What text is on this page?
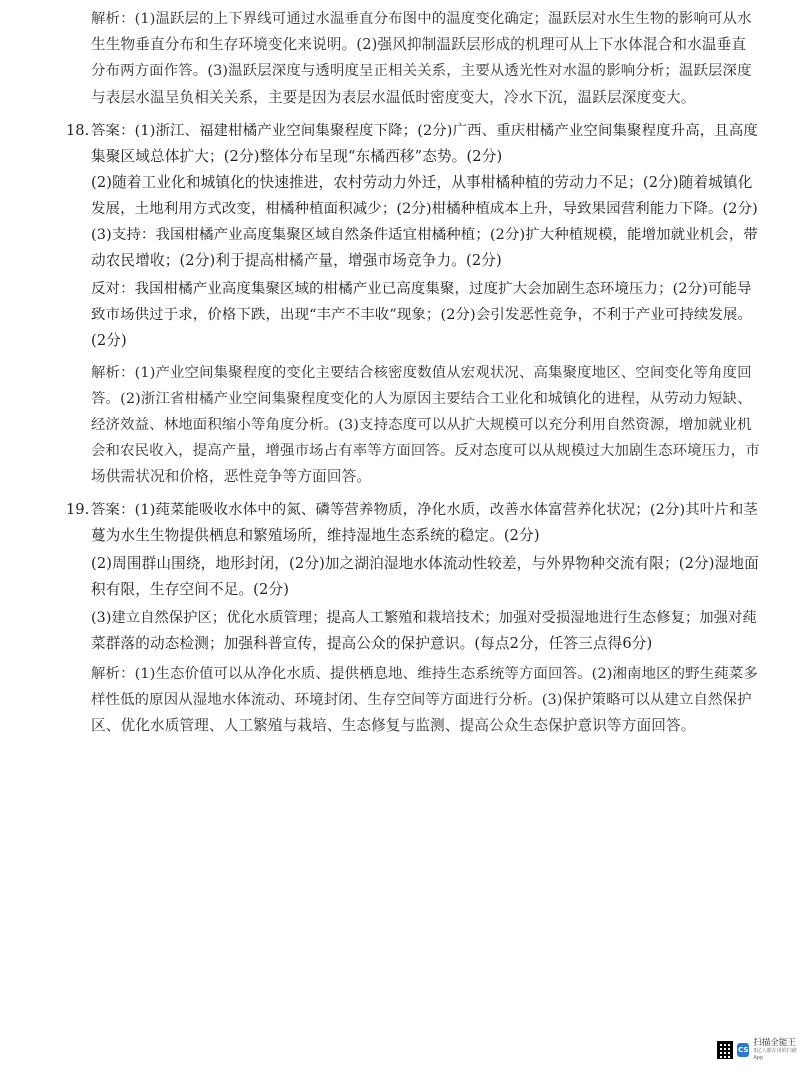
解析：(1)温跃层的上下界线可通过水温垂直分布图中的温度变化确定；温跃层对水生生物的影响可从水
生生物垂直分布和生存环境变化来说明。(2)强风抑制温跃层形成的机理可从上下水体混合和水温垂直
分布两方面作答。(3)温跃层深度与透明度呈正相关关系，主要从透光性对水温的影响分析；温跃层深度
与表层水温呈负相关关系，主要是因为表层水温低时密度变大，冷水下沉，温跃层深度变大。
18. 答案：(1)浙江、福建柑橘产业空间集聚程度下降；(2分)广西、重庆柑橘产业空间集聚程度升高，且高度
集聚区域总体扩大；(2分)整体分布呈现“东橘西移”态势。(2分)
(2)随着工业化和城镇化的快速推进，农村劳动力外迁，从事柑橘种植的劳动力不足；(2分)随着城镇化
发展，土地利用方式改变，柑橘种植面积减少；(2分)柑橘种植成本上升，导致果园营利能力下降。(2分)
(3)支持：我国柑橘产业高度集聚区域自然条件适宜柑橘种植；(2分)扩大种植规模，能增加就业机会，带
动农民增收；(2分)利于提高柑橘产量，增强市场竞争力。(2分)
反对：我国柑橘产业高度集聚区域的柑橘产业已高度集聚，过度扩大会加剧生态环境压力；(2分)可能导
致市场供过于求，价格下跌，出现“丰产不丰收”现象；(2分)会引发恶性竞争，不利于产业可持续发展。
(2分)
解析：(1)产业空间集聚程度的变化主要结合核密度数值从宏观状况、高集聚度地区、空间变化等角度回
答。(2)浙江省柑橘产业空间集聚程度变化的人为原因主要结合工业化和城镇化的进程，从劳动力短缺、
经济效益、林地面积缩小等角度分析。(3)支持态度可以从扩大规模可以充分利用自然资源，增加就业机
会和农民收入，提高产量，增强市场占有率等方面回答。反对态度可以从规模过大加剧生态环境压力，市
场供需状况和价格，恶性竞争等方面回答。
19. 答案：(1)莼菜能吸收水体中的氮、磷等营养物质，净化水质，改善水体富营养化状况；(2分)其叶片和茎
蔓为水生生物提供栖息和繁殖场所，维持湿地生态系统的稳定。(2分)
(2)周围群山围绕，地形封闭，(2分)加之湖泊湿地水体流动性较差，与外界物种交流有限；(2分)湿地面
积有限，生存空间不足。(2分)
(3)建立自然保护区；优化水质管理；提高人工繁殖和栽培技术；加强对受损湿地进行生态修复；加强对莼
菜群落的动态检测；加强科普宣传，提高公众的保护意识。(每点2分，任答三点得6分)
解析：(1)生态价值可以从净化水质、提供栖息地、维持生态系统等方面回答。(2)湘南地区的野生莼菜多
样性低的原因从湿地水体流动、环境封闭、生存空间等方面进行分析。(3)保护策略可以从建立自然保护
区、优化水质管理、人工繁殖与栽培、生态修复与监测、提高公众生态保护意识等方面回答。
CS
扫描全能王
3亿人都在用的扫描App
